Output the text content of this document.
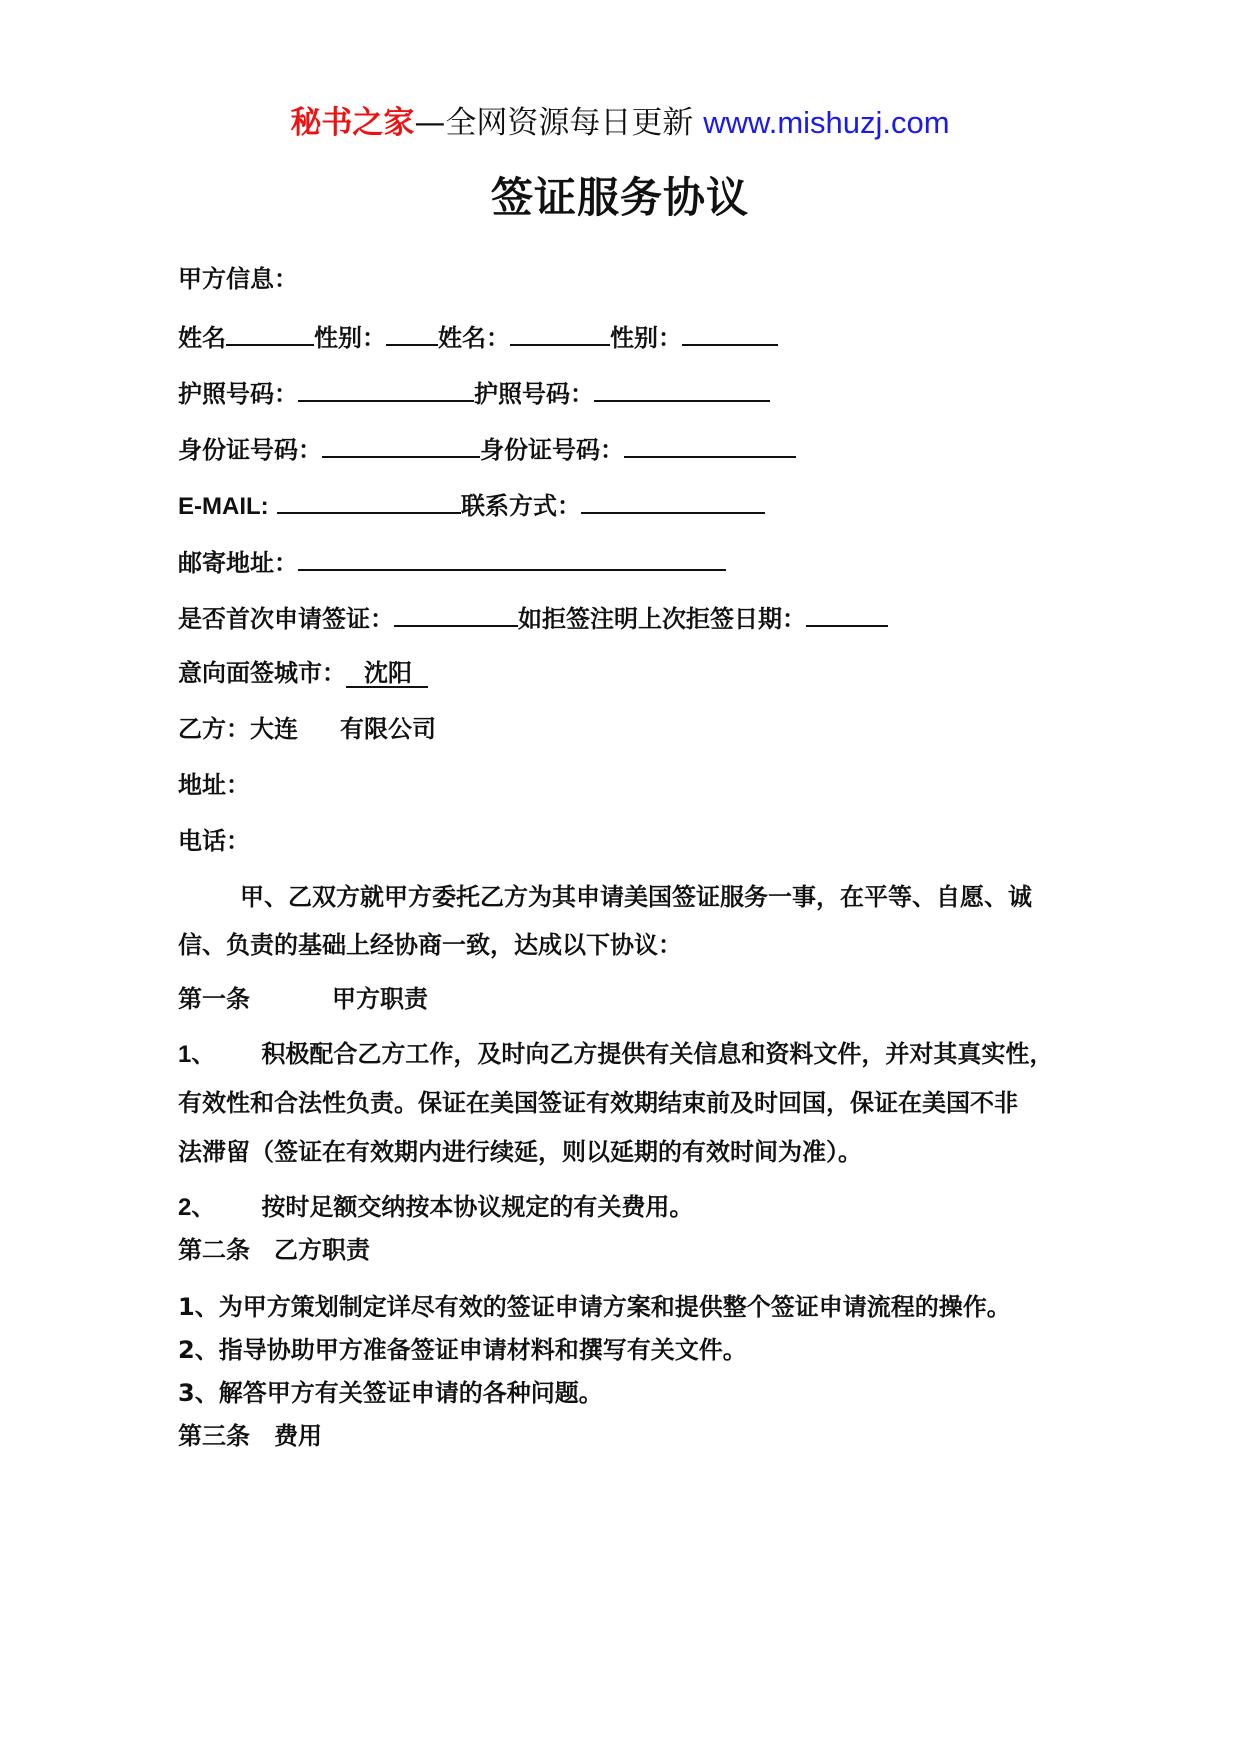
秘书之家—全网资源每日更新 www.mishuzj.com
签证服务协议
甲方信息：
姓名	性别： 姓名：	性别：
护照号码：	护照号码：
身份证号码：	身份证号码：
E-MAIL:	联系方式：
邮寄地址：
是否首次申请签证：	如拒签注明上次拒签日期：
意向面签城市： 沈阳
乙方：大连 有限公司
地址：
电话：
甲、乙双方就甲方委托乙方为其申请美国签证服务一事，在平等、自愿、诚
信、负责的基础上经协商一致，达成以下协议：
第一条	甲方职责
1、 积极配合乙方工作，及时向乙方提供有关信息和资料文件，并对其真实性，
有效性和合法性负责。保证在美国签证有效期结束前及时回国，保证在美国不非
法滞留（签证在有效期内进行续延，则以延期的有效时间为准）。
2、 按时足额交纳按本协议规定的有关费用。
第二条　乙方职责
1、为甲方策划制定详尽有效的签证申请方案和提供整个签证申请流程的操作。
2、指导协助甲方准备签证申请材料和撰写有关文件。
3、解答甲方有关签证申请的各种问题。
第三条　费用
